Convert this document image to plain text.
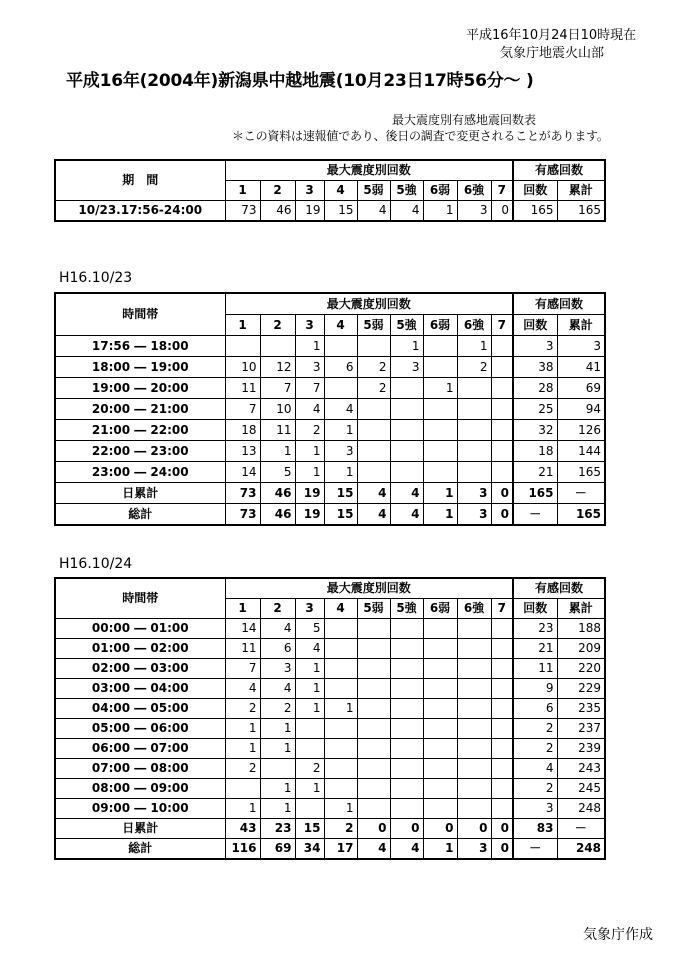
平成16年10月24日10時現在
気象庁地震火山部
平成16年(2004年)新潟県中越地震(10月23日17時56分～ )
最大震度別有感地震回数表
＊この資料は速報値であり、後日の調査で変更されることがあります。
期　間	最大震度別回数									有感回数	
	1	2	3	4	5弱	5強	6弱	6強	7	回数	累計
10/23.17:56-24:00	73	46	19	15	4	4	1	3	0	165	165
H16.10/23
時間帯	最大震度別回数									有感回数	
	1	2	3	4	5弱	5強	6弱	6強	7	回数	累計
17:56 ― 18:00			1			1		1		3	3
18:00 ― 19:00	10	12	3	6	2	3		2		38	41
19:00 ― 20:00	11	7	7		2		1			28	69
20:00 ― 21:00	7	10	4	4						25	94
21:00 ― 22:00	18	11	2	1						32	126
22:00 ― 23:00	13	1	1	3						18	144
23:00 ― 24:00	14	5	1	1						21	165
日累計	73	46	19	15	4	4	1	3	0	165	－
総計	73	46	19	15	4	4	1	3	0	－	165
H16.10/24
時間帯	最大震度別回数									有感回数	
	1	2	3	4	5弱	5強	6弱	6強	7	回数	累計
00:00 ― 01:00	14	4	5							23	188
01:00 ― 02:00	11	6	4							21	209
02:00 ― 03:00	7	3	1							11	220
03:00 ― 04:00	4	4	1							9	229
04:00 ― 05:00	2	2	1	1						6	235
05:00 ― 06:00	1	1								2	237
06:00 ― 07:00	1	1								2	239
07:00 ― 08:00	2		2							4	243
08:00 ― 09:00		1	1							2	245
09:00 ― 10:00	1	1		1						3	248
日累計	43	23	15	2	0	0	0	0	0	83	－
総計	116	69	34	17	4	4	1	3	0	－	248
気象庁作成
